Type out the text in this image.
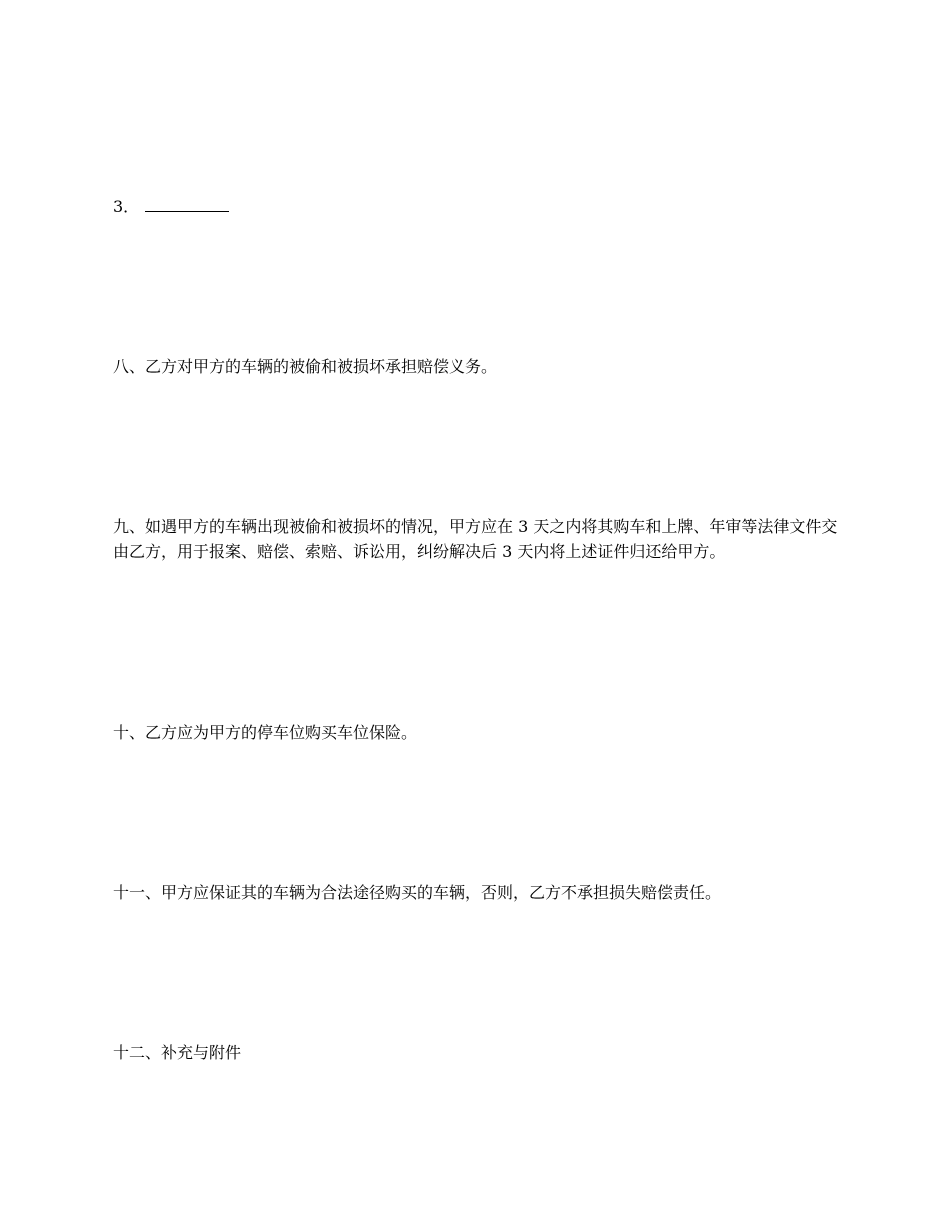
3．

八、乙方对甲方的车辆的被偷和被损坏承担赔偿义务。

九、如遇甲方的车辆出现被偷和被损坏的情况，甲方应在 3 天之内将其购车和上牌、年审等法律文件交由乙方，用于报案、赔偿、索赔、诉讼用，纠纷解决后 3 天内将上述证件归还给甲方。

十、乙方应为甲方的停车位购买车位保险。

十一、甲方应保证其的车辆为合法途径购买的车辆，否则，乙方不承担损失赔偿责任。

十二、补充与附件
